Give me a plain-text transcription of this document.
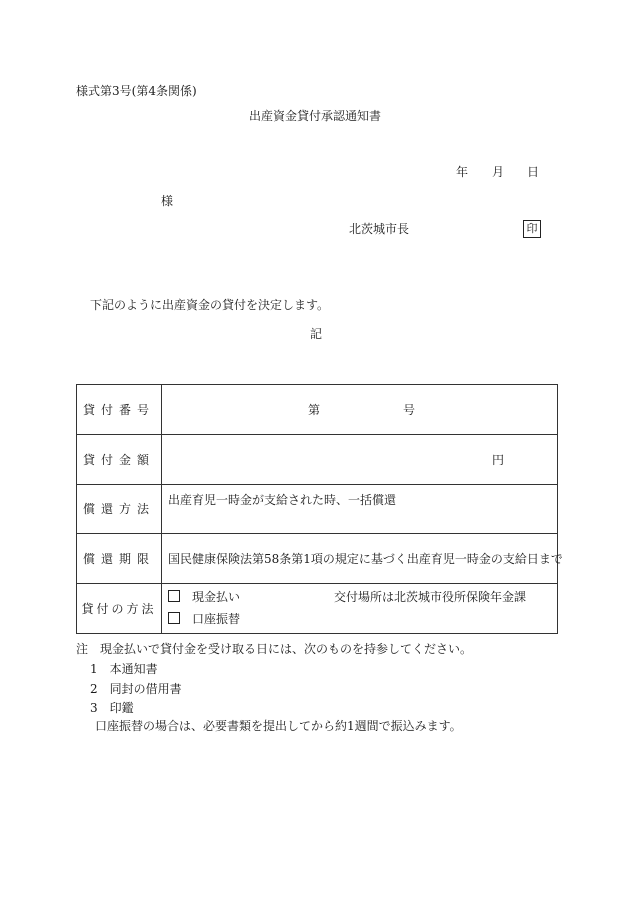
様式第3号(第4条関係)
出産資金貸付承認通知書
年 月 日
様
北茨城市長	印
下記のように出産資金の貸付を決定します。
記
貸付番号	第 号

貸付金額	円

償還方法	出産育児一時金が支給された時、一括償還

償還期限	国民健康保険法第58条第1項の規定に基づく出産育児一時金の支給日まで

貸付の方法	現金払い 交付場所は北茨城市役所保険年金課
口座振替
注　現金払いで貸付金を受け取る日には、次のものを持参してください。
1　本通知書
2　同封の借用書
3　印鑑
口座振替の場合は、必要書類を提出してから約1週間で振込みます。
